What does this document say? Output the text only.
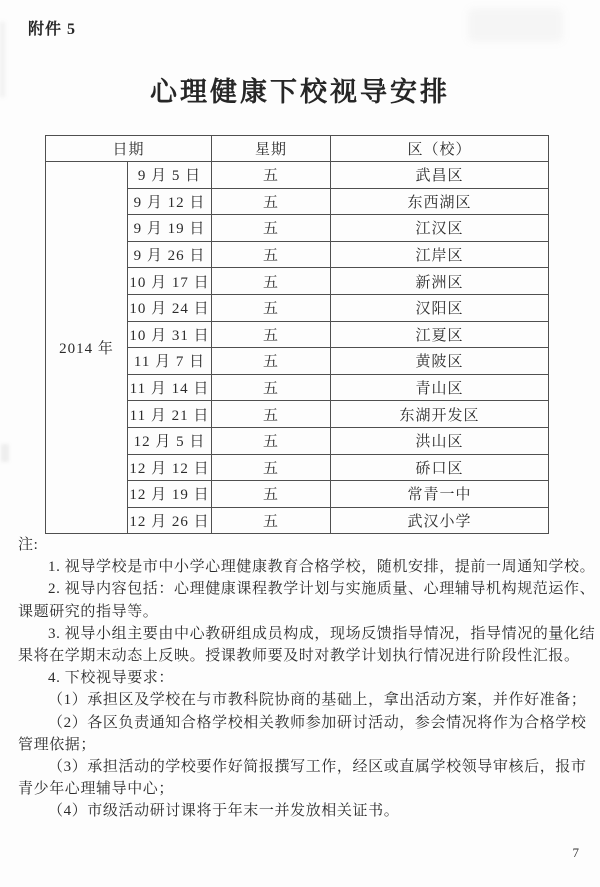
附件 5
心理健康下校视导安排
日期		星期	区（校）
2014 年	9 月 5 日	五	武昌区
	9 月 12 日	五	东西湖区
	9 月 19 日	五	江汉区
	9 月 26 日	五	江岸区
	10 月 17 日	五	新洲区
	10 月 24 日	五	汉阳区
	10 月 31 日	五	江夏区
	11 月 7 日	五	黄陂区
	11 月 14 日	五	青山区
	11 月 21 日	五	东湖开发区
	12 月 5 日	五	洪山区
	12 月 12 日	五	硚口区
	12 月 19 日	五	常青一中
	12 月 26 日	五	武汉小学
注:
1. 视导学校是市中小学心理健康教育合格学校，随机安排，提前一周通知学校。
2. 视导内容包括：心理健康课程教学计划与实施质量、心理辅导机构规范运作、
课题研究的指导等。
3. 视导小组主要由中心教研组成员构成，现场反馈指导情况，指导情况的量化结
果将在学期末动态上反映。授课教师要及时对教学计划执行情况进行阶段性汇报。
4. 下校视导要求：
（1）承担区及学校在与市教科院协商的基础上，拿出活动方案，并作好准备；
（2）各区负责通知合格学校相关教师参加研讨活动，参会情况将作为合格学校
管理依据；
（3）承担活动的学校要作好简报撰写工作，经区或直属学校领导审核后，报市
青少年心理辅导中心；
（4）市级活动研讨课将于年末一并发放相关证书。
7
